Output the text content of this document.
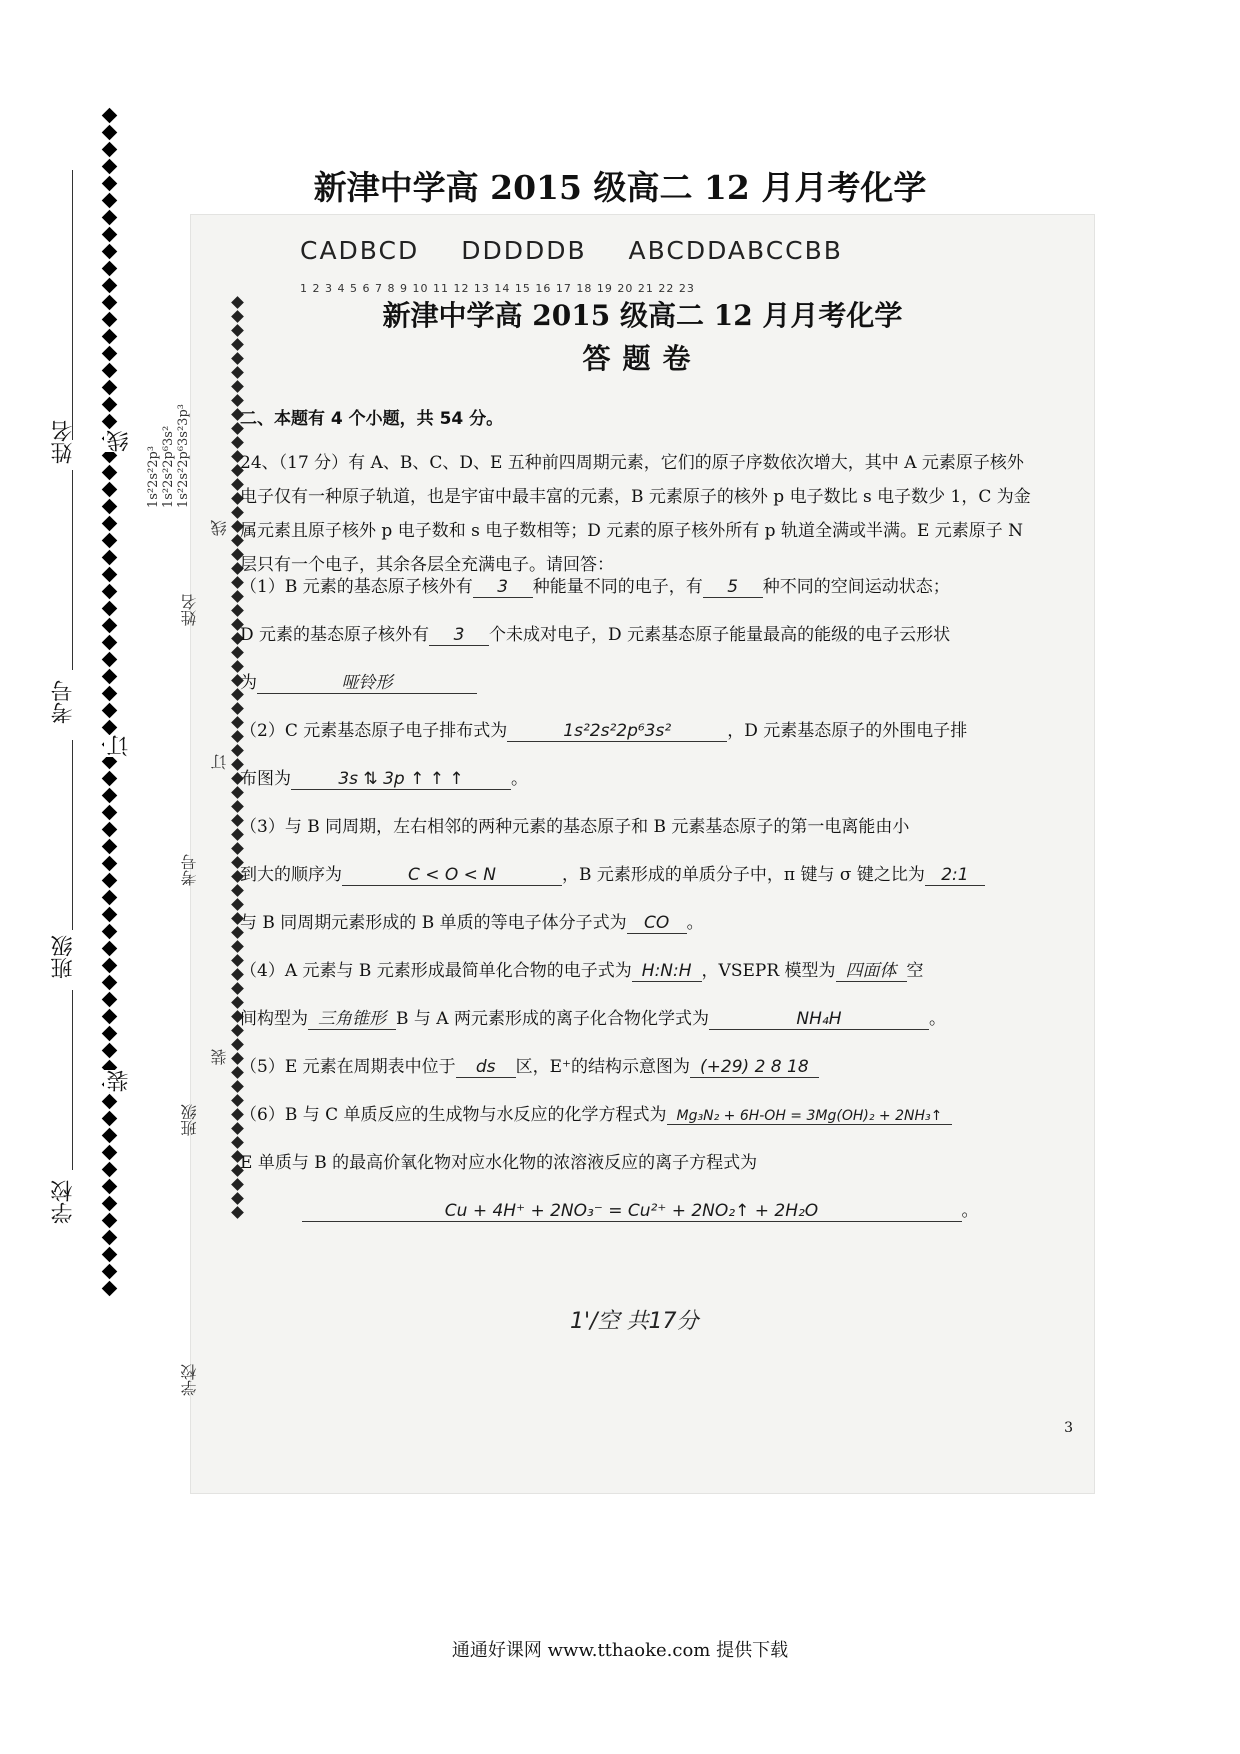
姓名
考号
班级
学校
线
订
装
新津中学高 2015 级高二 12 月月考化学
1s²2s²2p³
1s²2s²2p⁶3s²
1s²2s²2p⁶3s²3p³
姓名
考号
班级
学校
线
订
装
CADBCD DDDDDB ABCDDABCCBB
1 2 3 4 5 6 7 8 9 10 11 12 13 14 15 16 17 18 19 20 21 22 23
新津中学高 2015 级高二 12 月月考化学
答题卷
二、本题有 4 个小题，共 54 分。
24、（17 分）有 A、B、C、D、E 五种前四周期元素，它们的原子序数依次增大，其中 A 元素原子核外电子仅有一种原子轨道，也是宇宙中最丰富的元素，B 元素原子的核外 p 电子数比 s 电子数少 1，C 为金属元素且原子核外 p 电子数和 s 电子数相等；D 元素的原子核外所有 p 轨道全满或半满。E 元素原子 N 层只有一个电子，其余各层全充满电子。请回答：
（1）B 元素的基态原子核外有 3 种能量不同的电子，有 5 种不同的空间运动状态；
D 元素的基态原子核外有 3 个未成对电子，D 元素基态原子能量最高的能级的电子云形状
为	哑铃形
（2）C 元素基态原子电子排布式为	1s²2s²2p⁶3s²	，D 元素基态原子的外围电子排
布图为	3s ⇅ 3p ↑ ↑ ↑	。
（3）与 B 同周期，左右相邻的两种元素的基态原子和 B 元素基态原子的第一电离能由小
到大的顺序为	C < O < N	，B 元素形成的单质分子中，π 键与 σ 键之比为 2:1
与 B 同周期元素形成的 B 单质的等电子体分子式为 CO 。
（4）A 元素与 B 元素形成最简单化合物的电子式为 H:N:H ，VSEPR 模型为 四面体 空
间构型为 三角锥形 B 与 A 两元素形成的离子化合物化学式为	NH₄H	。
（5）E 元素在周期表中位于 ds 区，E⁺的结构示意图为 (+29) 2 8 18
（6）B 与 C 单质反应的生成物与水反应的化学方程式为 Mg₃N₂ + 6H-OH = 3Mg(OH)₂ + 2NH₃↑
E 单质与 B 的最高价氧化物对应水化物的浓溶液反应的离子方程式为
Cu + 4H⁺ + 2NO₃⁻ = Cu²⁺ + 2NO₂↑ + 2H₂O	。
1'/空 共17分
3
通通好课网 www.tthaoke.com 提供下载
